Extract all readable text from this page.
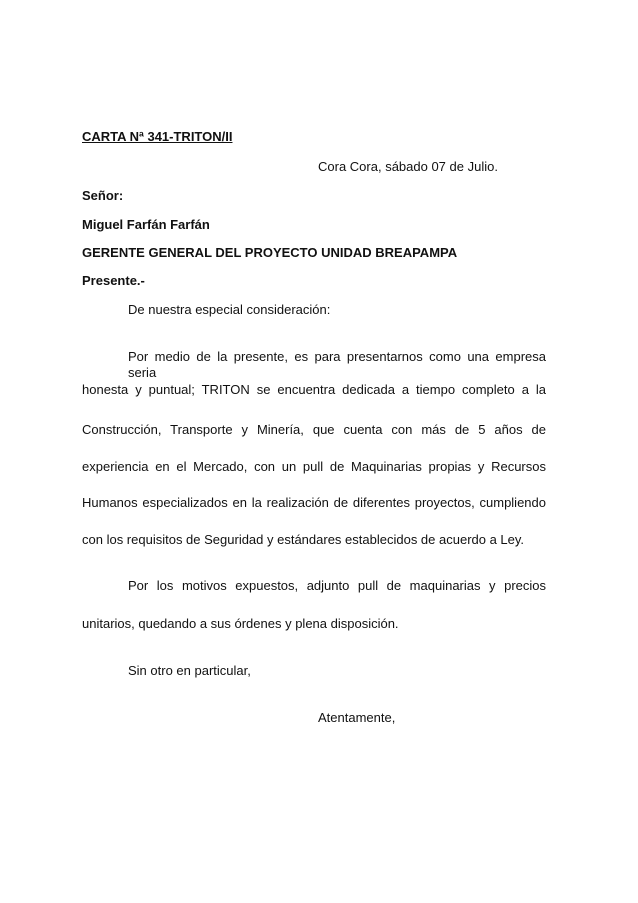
CARTA Nª 341-TRITON/II
Cora Cora, sábado 07 de Julio.
Señor:
Miguel Farfán Farfán
GERENTE GENERAL DEL PROYECTO UNIDAD BREAPAMPA
Presente.-
De nuestra especial consideración:
Por medio de la presente, es para presentarnos como una empresa seria
honesta y puntual; TRITON se encuentra dedicada a tiempo completo a la
Construcción, Transporte y Minería, que cuenta con más de 5 años de
experiencia en el Mercado, con un pull de Maquinarias propias y Recursos
Humanos especializados en la realización de diferentes proyectos, cumpliendo
con los requisitos de Seguridad y estándares establecidos de acuerdo a Ley.
Por los motivos expuestos, adjunto pull de maquinarias y precios
unitarios, quedando a sus órdenes y plena disposición.
Sin otro en particular,
Atentamente,
